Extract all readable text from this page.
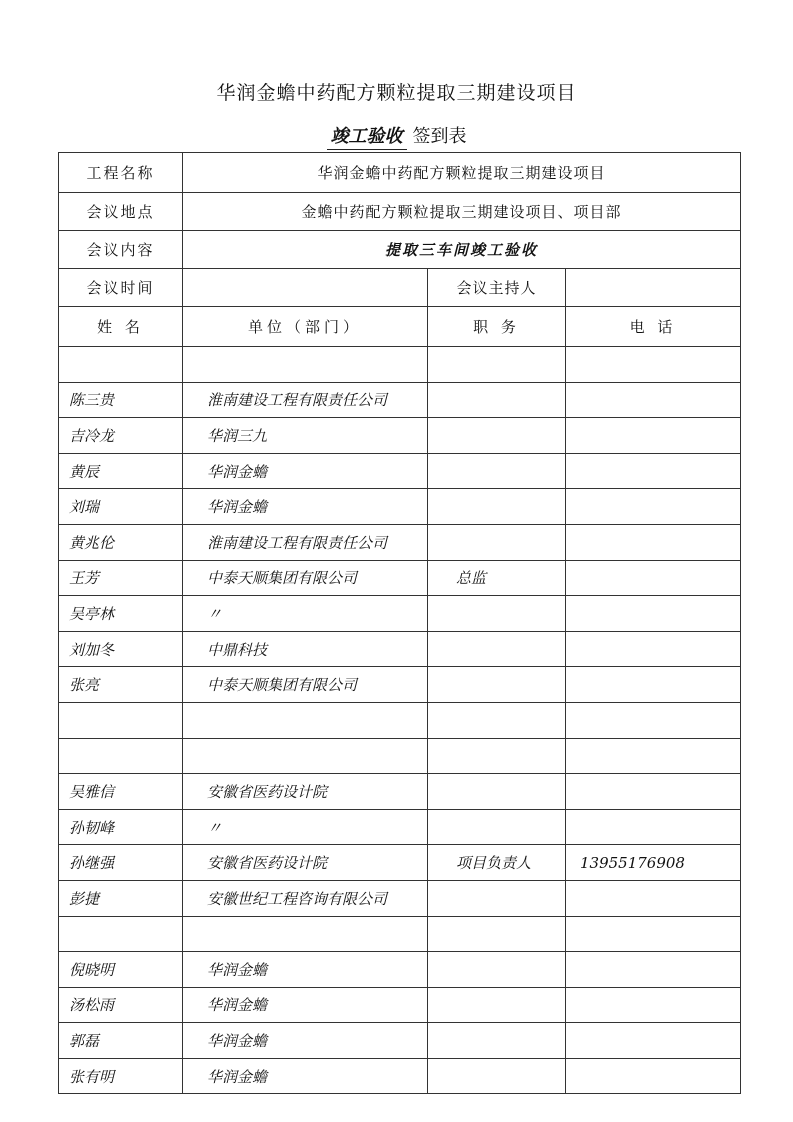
华润金蟾中药配方颗粒提取三期建设项目
竣工验收 签到表
工程名称	华润金蟾中药配方颗粒提取三期建设项目		
会议地点	金蟾中药配方颗粒提取三期建设项目、项目部		
会议内容	提取三车间竣工验收		
会议时间		会议主持人	
姓 名	单位（部门）	职 务	电 话

陈三贵	淮南建设工程有限责任公司		
吉冷龙	华润三九		
黄辰	华润金蟾		
刘瑞	华润金蟾		
黄兆伦	淮南建设工程有限责任公司		
王芳	中泰天顺集团有限公司	总监	
吴亭林	〃		
刘加冬	中鼎科技		
张亮	中泰天顺集团有限公司		

吴雅信	安徽省医药设计院		
孙韧峰	〃		
孙继强	安徽省医药设计院	项目负责人	13955176908
彭捷	安徽世纪工程咨询有限公司		

倪晓明	华润金蟾		
汤松雨	华润金蟾		
郭磊	华润金蟾		
张有明	华润金蟾		
